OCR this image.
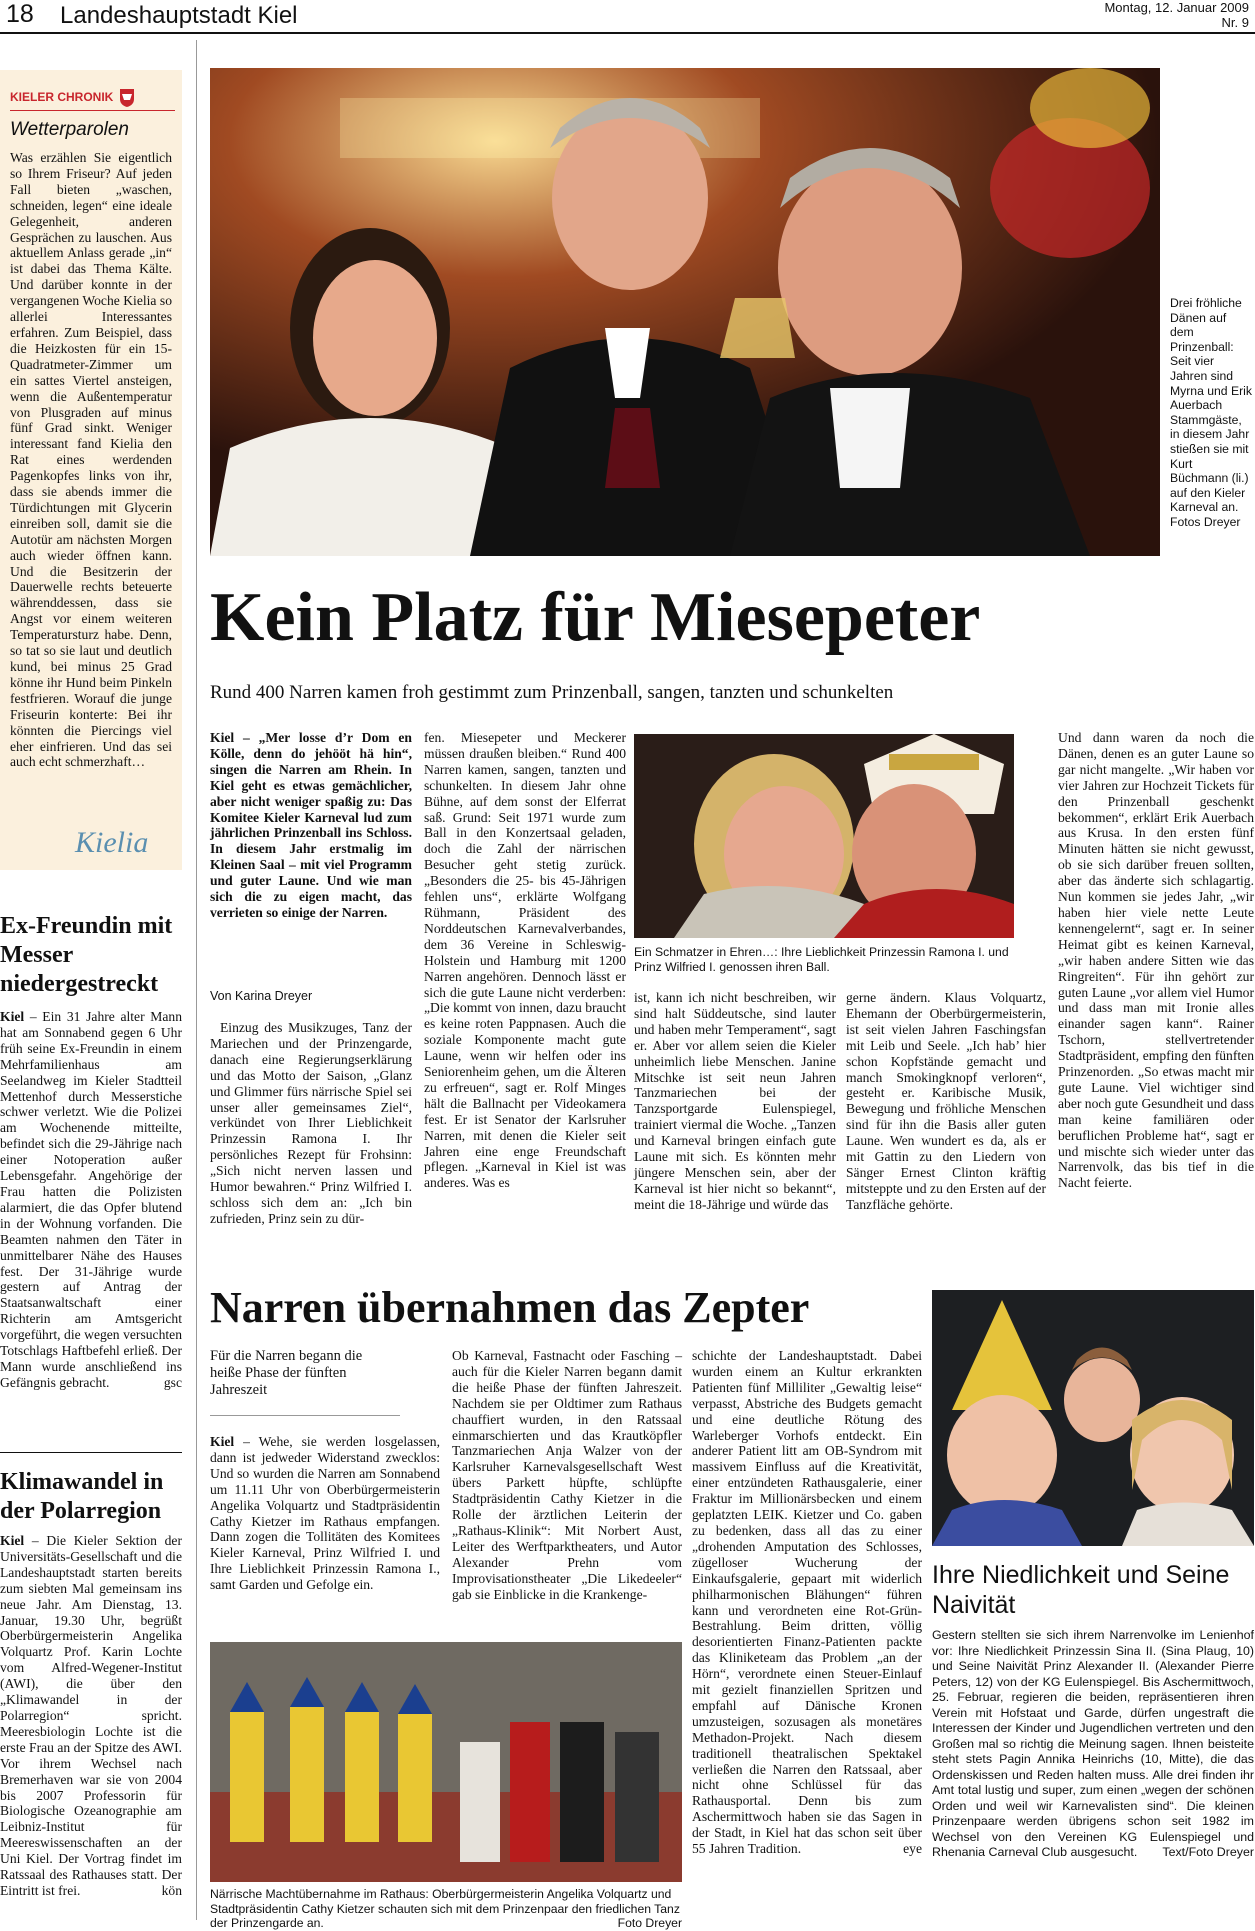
18 Landeshauptstadt Kiel	Montag, 12. Januar 2009
Nr. 9
KIELER CHRONIK
Wetterparolen
Was erzählen Sie eigentlich so Ihrem Friseur? Auf jeden Fall bieten „waschen, schneiden, legen“ eine ideale Gelegenheit, anderen Gesprächen zu lauschen. Aus aktuellem Anlass gerade „in“ ist dabei das Thema Kälte. Und darüber konnte in der vergangenen Woche Kielia so allerlei Interessantes erfahren. Zum Beispiel, dass die Heizkosten für ein 15-Quadratmeter-Zimmer um ein sattes Viertel ansteigen, wenn die Außentemperatur von Plusgraden auf minus fünf Grad sinkt. Weniger interessant fand Kielia den Rat eines werdenden Pagenkopfes links von ihr, dass sie abends immer die Türdichtungen mit Glycerin einreiben soll, damit sie die Autotür am nächsten Morgen auch wieder öffnen kann. Und die Besitzerin der Dauerwelle rechts beteuerte währenddessen, dass sie Angst vor einem weiteren Temperatursturz habe. Denn, so tat so sie laut und deutlich kund, bei minus 25 Grad könne ihr Hund beim Pinkeln festfrieren. Worauf die junge Friseurin konterte: Bei ihr könnten die Piercings viel eher einfrieren. Und das sei auch echt schmerzhaft…
Kielia
Ex-Freundin mit Messer niedergestreckt
Kiel – Ein 31 Jahre alter Mann hat am Sonnabend gegen 6 Uhr früh seine Ex-Freundin in einem Mehrfamilienhaus am Seelandweg im Kieler Stadtteil Mettenhof durch Messerstiche schwer verletzt. Wie die Polizei am Wochenende mitteilte, befindet sich die 29-Jährige nach einer Notoperation außer Lebensgefahr. Angehörige der Frau hatten die Polizisten alarmiert, die das Opfer blutend in der Wohnung vorfanden. Die Beamten nahmen den Täter in unmittelbarer Nähe des Hauses fest. Der 31-Jährige wurde gestern auf Antrag der Staatsanwaltschaft einer Richterin am Amtsgericht vorgeführt, die wegen versuchten Totschlags Haftbefehl erließ. Der Mann wurde anschließend ins Gefängnis gebracht.	gsc
Klimawandel in der Polarregion
Kiel – Die Kieler Sektion der Universitäts-Gesellschaft und die Landeshauptstadt starten bereits zum siebten Mal gemeinsam ins neue Jahr. Am Dienstag, 13. Januar, 19.30 Uhr, begrüßt Oberbürgermeisterin Angelika Volquartz Prof. Karin Lochte vom Alfred-Wegener-Institut (AWI), die über den „Klimawandel in der Polarregion“ spricht. Meeresbiologin Lochte ist die erste Frau an der Spitze des AWI. Vor ihrem Wechsel nach Bremerhaven war sie von 2004 bis 2007 Professorin für Biologische Ozeanographie am Leibniz-Institut für Meereswissenschaften an der Uni Kiel. Der Vortrag findet im Ratssaal des Rathauses statt. Der Eintritt ist frei.	kön
Drei fröhliche Dänen auf dem Prinzenball: Seit vier Jahren sind Myrna und Erik Auerbach Stammgäste, in diesem Jahr stießen sie mit Kurt Büchmann (li.) auf den Kieler Karneval an. Fotos Dreyer
Kein Platz für Miesepeter
Rund 400 Narren kamen froh gestimmt zum Prinzenball, sangen, tanzten und schunkelten
Kiel – „Mer losse d’r Dom en Kölle, denn do jehööt hä hin“, singen die Narren am Rhein. In Kiel geht es etwas gemächlicher, aber nicht weniger spaßig zu: Das Komitee Kieler Karneval lud zum jährlichen Prinzenball ins Schloss. In diesem Jahr erstmalig im Kleinen Saal – mit viel Programm und guter Laune. Und wie man sich die zu eigen macht, das verrieten so einige der Narren.
Von Karina Dreyer
Einzug des Musikzuges, Tanz der Mariechen und der Prinzengarde, danach eine Regierungserklärung und das Motto der Saison, „Glanz und Glimmer fürs närrische Spiel sei unser aller gemeinsames Ziel“, verkündet von Ihrer Lieblichkeit Prinzessin Ramona I. Ihr persönliches Rezept für Frohsinn: „Sich nicht nerven lassen und Humor bewahren.“ Prinz Wilfried I. schloss sich dem an: „Ich bin zufrieden, Prinz sein zu dür-
fen. Miesepeter und Meckerer müssen draußen bleiben.“ Rund 400 Narren kamen, sangen, tanzten und schunkelten. In diesem Jahr ohne Bühne, auf dem sonst der Elferrat saß. Grund: Seit 1971 wurde zum Ball in den Konzertsaal geladen, doch die Zahl der närrischen Besucher geht stetig zurück. „Besonders die 25- bis 45-Jährigen fehlen uns“, erklärte Wolfgang Rühmann, Präsident des Norddeutschen Karnevalverbandes, dem 36 Vereine in Schleswig-Holstein und Hamburg mit 1200 Narren angehören. Dennoch lässt er sich die gute Laune nicht verderben: „Die kommt von innen, dazu braucht es keine roten Pappnasen. Auch die soziale Komponente macht gute Laune, wenn wir helfen oder ins Seniorenheim gehen, um die Älteren zu erfreuen“, sagt er. Rolf Minges hält die Ballnacht per Videokamera fest. Er ist Senator der Karlsruher Narren, mit denen die Kieler seit Jahren eine enge Freundschaft pflegen. „Karneval in Kiel ist was anderes. Was es
Ein Schmatzer in Ehren…: Ihre Lieblichkeit Prinzessin Ramona I. und Prinz Wilfried I. genossen ihren Ball.
ist, kann ich nicht beschreiben, wir sind halt Süddeutsche, sind lauter und haben mehr Temperament“, sagt er. Aber vor allem seien die Kieler unheimlich liebe Menschen. Janine Mitschke ist seit neun Jahren Tanzmariechen bei der Tanzsportgarde Eulenspiegel, trainiert viermal die Woche. „Tanzen und Karneval bringen einfach gute Laune mit sich. Es könnten mehr jüngere Menschen sein, aber der Karneval ist hier nicht so bekannt“, meint die 18-Jährige und würde das
gerne ändern. Klaus Volquartz, Ehemann der Oberbürgermeisterin, ist seit vielen Jahren Faschingsfan mit Leib und Seele. „Ich hab’ hier schon Kopfstände gemacht und manch Smokingknopf verloren“, gesteht er. Karibische Musik, Bewegung und fröhliche Menschen sind für ihn die Basis aller guten Laune. Wen wundert es da, als er mit Gattin zu den Liedern von Sänger Ernest Clinton kräftig mitsteppte und zu den Ersten auf der Tanzfläche gehörte.
Und dann waren da noch die Dänen, denen es an guter Laune so gar nicht mangelte. „Wir haben vor vier Jahren zur Hochzeit Tickets für den Prinzenball geschenkt bekommen“, erklärt Erik Auerbach aus Krusa. In den ersten fünf Minuten hätten sie nicht gewusst, ob sie sich darüber freuen sollten, aber das änderte sich schlagartig. Nun kommen sie jedes Jahr, „wir haben hier viele nette Leute kennengelernt“, sagt er. In seiner Heimat gibt es keinen Karneval, „wir haben andere Sitten wie das Ringreiten“. Für ihn gehört zur guten Laune „vor allem viel Humor und dass man mit Ironie alles einander sagen kann“. Rainer Tschorn, stellvertretender Stadtpräsident, empfing den fünften Prinzenorden. „So etwas macht mir gute Laune. Viel wichtiger sind aber noch gute Gesundheit und dass man keine familiären oder beruflichen Probleme hat“, sagt er und mischte sich wieder unter das Narrenvolk, das bis tief in die Nacht feierte.
Narren übernahmen das Zepter
Für die Narren begann die heiße Phase der fünften Jahreszeit
Kiel – Wehe, sie werden losgelassen, dann ist jedweder Widerstand zwecklos: Und so wurden die Narren am Sonnabend um 11.11 Uhr von Oberbürgermeisterin Angelika Volquartz und Stadtpräsidentin Cathy Kietzer im Rathaus empfangen. Dann zogen die Tollitäten des Komitees Kieler Karneval, Prinz Wilfried I. und Ihre Lieblichkeit Prinzessin Ramona I., samt Garden und Gefolge ein.
Ob Karneval, Fastnacht oder Fasching – auch für die Kieler Narren begann damit die heiße Phase der fünften Jahreszeit. Nachdem sie per Oldtimer zum Rathaus chauffiert wurden, in den Ratssaal einmarschierten und das Krautköpfler Tanzmariechen Anja Walzer von der Karlsruher Karnevalsgesellschaft West übers Parkett hüpfte, schlüpfte Stadtpräsidentin Cathy Kietzer in die Rolle der ärztlichen Leiterin der „Rathaus-Klinik“: Mit Norbert Aust, Leiter des Werftparktheaters, und Autor Alexander Prehn vom Improvisationstheater „Die Likedeeler“ gab sie Einblicke in die Krankenge-
schichte der Landeshauptstadt. Dabei wurden einem an Kultur erkrankten Patienten fünf Milliliter „Gewaltig leise“ verpasst, Abstriche des Budgets gemacht und eine deutliche Rötung des Warleberger Vorhofs entdeckt. Ein anderer Patient litt am OB-Syndrom mit massivem Einfluss auf die Kreativität, einer entzündeten Rathausgalerie, einer Fraktur im Millionärsbecken und einem geplatzten LEIK. Kietzer und Co. gaben zu bedenken, dass all das zu einer „drohenden Amputation des Schlosses, zügelloser Wucherung der Einkaufsgalerie, gepaart mit widerlich philharmonischen Blähungen“ führen kann und verordneten eine Rot-Grün-Bestrahlung. Beim dritten, völlig desorientierten Finanz-Patienten packte das Kliniketeam das Problem „an der Hörn“, verordnete einen Steuer-Einlauf mit gezielt finanziellen Spritzen und empfahl auf Dänische Kronen umzusteigen, sozusagen als monetäres Methadon-Projekt. Nach diesem traditionell theatralischen Spektakel verließen die Narren den Ratssaal, aber nicht ohne Schlüssel für das Rathausportal. Denn bis zum Aschermittwoch haben sie das Sagen in der Stadt, in Kiel hat das schon seit über 55 Jahren Tradition.	eye
Närrische Machtübernahme im Rathaus: Oberbürgermeisterin Angelika Volquartz und Stadtpräsidentin Cathy Kietzer schauten sich mit dem Prinzenpaar den friedlichen Tanz der Prinzengarde an.	Foto Dreyer
Ihre Niedlichkeit und Seine Naivität
Gestern stellten sie sich ihrem Narrenvolke im Lenienhof vor: Ihre Niedlichkeit Prinzessin Sina II. (Sina Plaug, 10) und Seine Naivität Prinz Alexander II. (Alexander Pierre Peters, 12) von der KG Eulenspiegel. Bis Aschermittwoch, 25. Februar, regieren die beiden, repräsentieren ihren Verein mit Hofstaat und Garde, dürfen ungestraft die Interessen der Kinder und Jugendlichen vertreten und den Großen mal so richtig die Meinung sagen. Ihnen beisteite steht stets Pagin Annika Heinrichs (10, Mitte), die das Ordenskissen und Reden halten muss. Alle drei finden ihr Amt total lustig und super, zum einen „wegen der schönen Orden und weil wir Karnevalisten sind“. Die kleinen Prinzenpaare werden übrigens schon seit 1982 im Wechsel von den Vereinen KG Eulenspiegel und Rhenania Carneval Club ausgesucht. Text/Foto Dreyer
